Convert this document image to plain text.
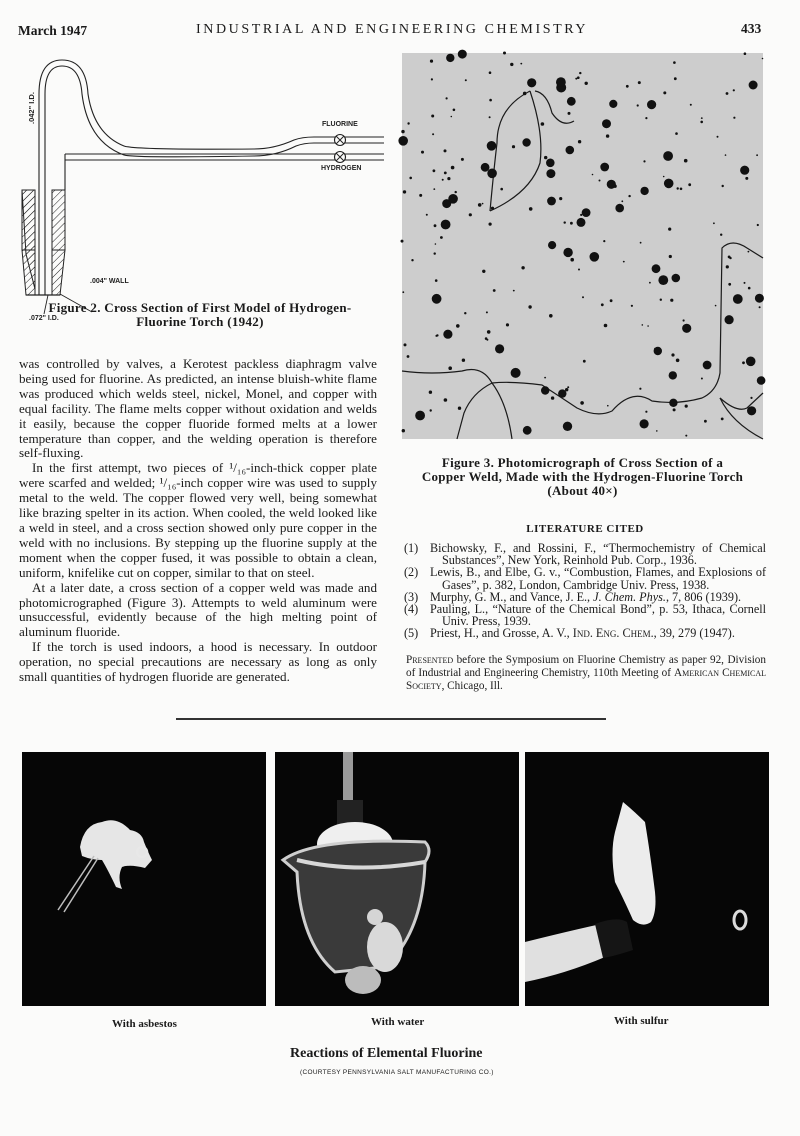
March 1947	INDUSTRIAL AND ENGINEERING CHEMISTRY	433
.042" I.D.
FLUORINE
HYDROGEN
.072" I.D.
.004" WALL
Figure 2. Cross Section of First Model of Hydrogen-
Fluorine Torch (1942)

was controlled by valves, a Kerotest packless diaphragm valve being used for fluorine. As predicted, an intense bluish-white flame was produced which welds steel, nickel, Monel, and copper with equal facility. The flame melts copper without oxidation and welds it easily, because the copper fluoride formed melts at a lower temperature than copper, and the welding operation is therefore self-fluxing.

In the first attempt, two pieces of ¹/₁₆-inch-thick copper plate were scarfed and welded; ¹/₁₆-inch copper wire was used to supply metal to the weld. The copper flowed very well, being somewhat like brazing spelter in its action. When cooled, the weld looked like a weld in steel, and a cross section showed only pure copper in the weld with no inclusions. By stepping up the fluorine supply at the moment when the copper fused, it was possible to obtain a clean, uniform, knifelike cut on copper, similar to that on steel.

At a later date, a cross section of a copper weld was made and photomicrographed (Figure 3). Attempts to weld aluminum were unsuccessful, evidently because of the high melting point of aluminum fluoride.

If the torch is used indoors, a hood is necessary. In outdoor operation, no special precautions are necessary as long as only small quantities of hydrogen fluoride are generated.

Figure 3. Photomicrograph of Cross Section of a
Copper Weld, Made with the Hydrogen-Fluorine Torch
(About 40×)
LITERATURE CITED
(1) Bichowsky, F., and Rossini, F., “Thermochemistry of Chemical Substances”, New York, Reinhold Pub. Corp., 1936.
(2) Lewis, B., and Elbe, G. v., “Combustion, Flames, and Explosions of Gases”, p. 382, London, Cambridge Univ. Press, 1938.
(3) Murphy, G. M., and Vance, J. E., J. Chem. Phys., 7, 806 (1939).
(4) Pauling, L., “Nature of the Chemical Bond”, p. 53, Ithaca, Cornell Univ. Press, 1939.
(5) Priest, H., and Grosse, A. V., Ind. Eng. Chem., 39, 279 (1947).
Presented before the Symposium on Fluorine Chemistry as paper 92, Division of Industrial and Engineering Chemistry, 110th Meeting of American Chemical Society, Chicago, Ill.
With asbestos	With water	With sulfur
Reactions of Elemental Fluorine
(COURTESY PENNSYLVANIA SALT MANUFACTURING CO.)
